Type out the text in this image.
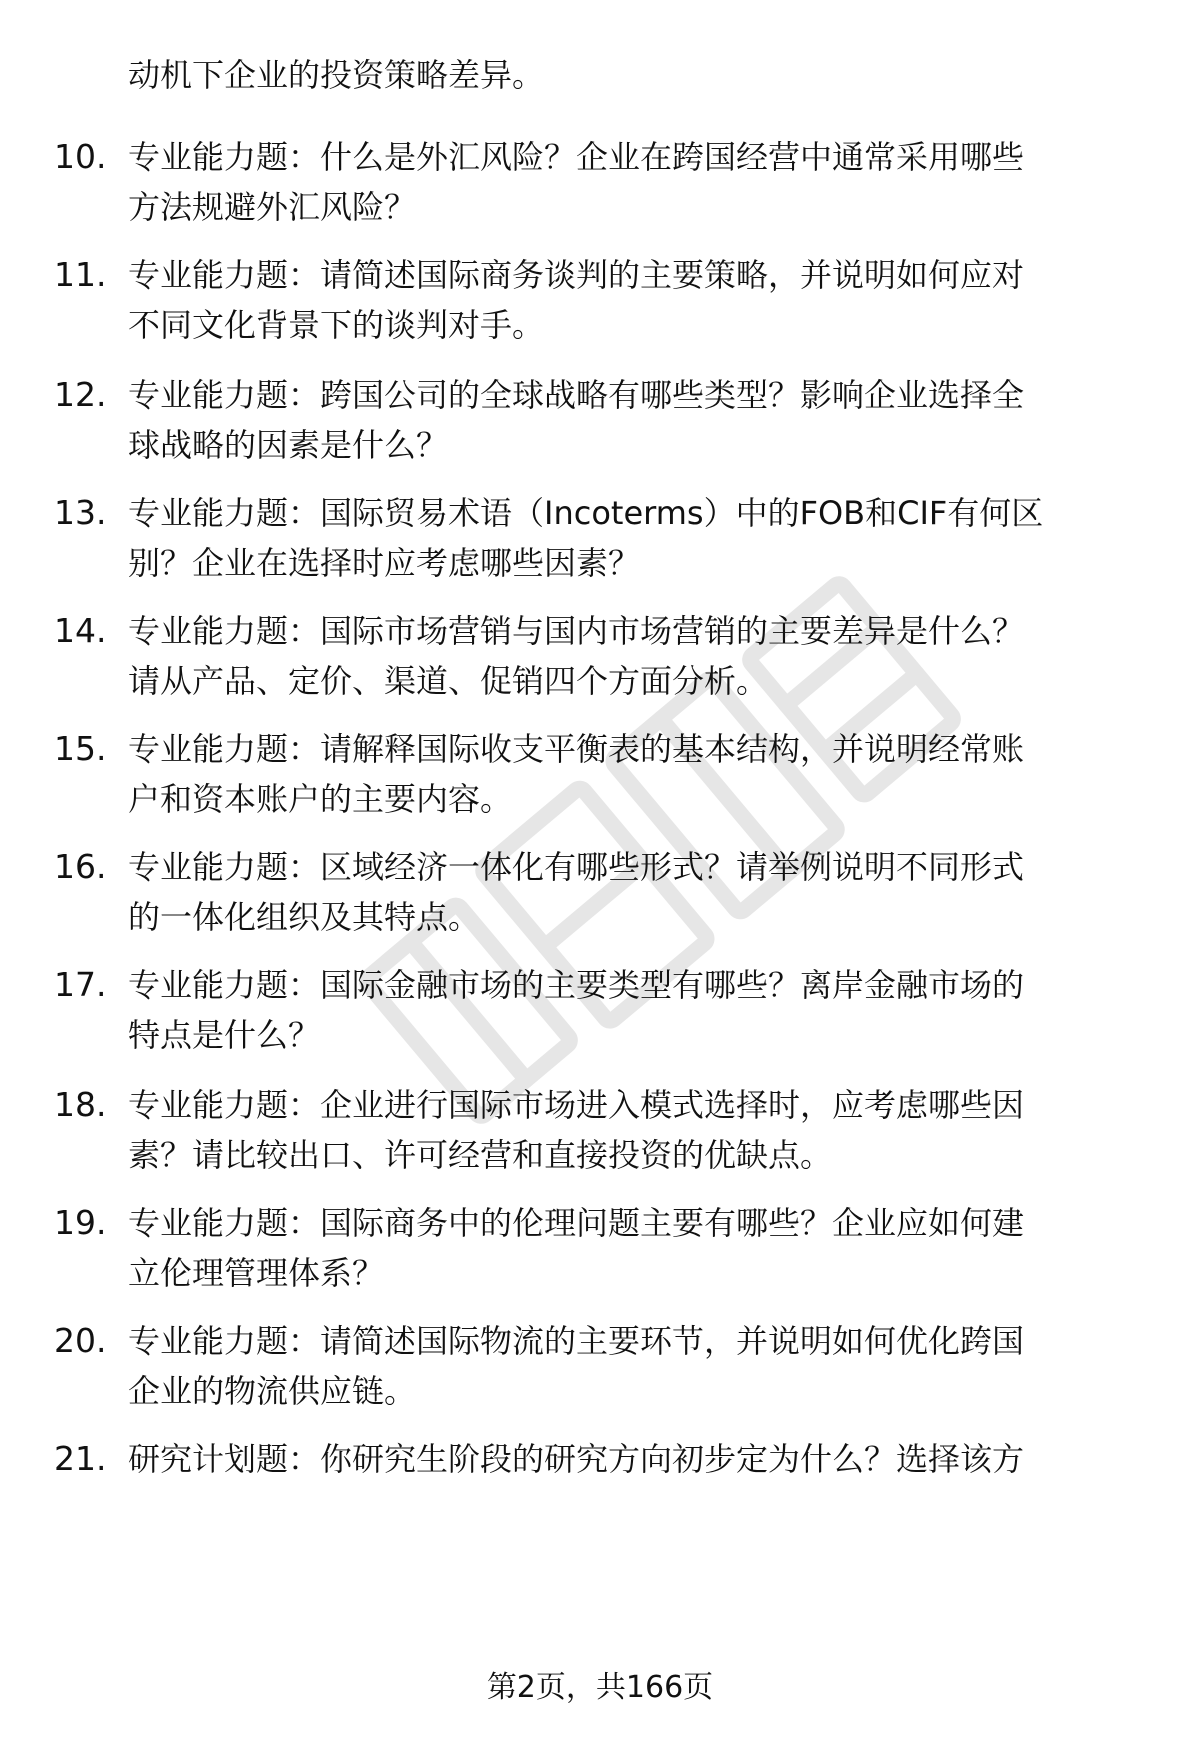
动机下企业的投资策略差异。
10. 专业能力题：什么是外汇风险？企业在跨国经营中通常采用哪些
方法规避外汇风险？
11. 专业能力题：请简述国际商务谈判的主要策略，并说明如何应对
不同文化背景下的谈判对手。
12. 专业能力题：跨国公司的全球战略有哪些类型？影响企业选择全
球战略的因素是什么？
13. 专业能力题：国际贸易术语（Incoterms）中的FOB和CIF有何区
别？企业在选择时应考虑哪些因素？
14. 专业能力题：国际市场营销与国内市场营销的主要差异是什么？
请从产品、定价、渠道、促销四个方面分析。
15. 专业能力题：请解释国际收支平衡表的基本结构，并说明经常账
户和资本账户的主要内容。
16. 专业能力题：区域经济一体化有哪些形式？请举例说明不同形式
的一体化组织及其特点。
17. 专业能力题：国际金融市场的主要类型有哪些？离岸金融市场的
特点是什么？
18. 专业能力题：企业进行国际市场进入模式选择时，应考虑哪些因
素？请比较出口、许可经营和直接投资的优缺点。
19. 专业能力题：国际商务中的伦理问题主要有哪些？企业应如何建
立伦理管理体系？
20. 专业能力题：请简述国际物流的主要环节，并说明如何优化跨国
企业的物流供应链。
21. 研究计划题：你研究生阶段的研究方向初步定为什么？选择该方
第2页，共166页
